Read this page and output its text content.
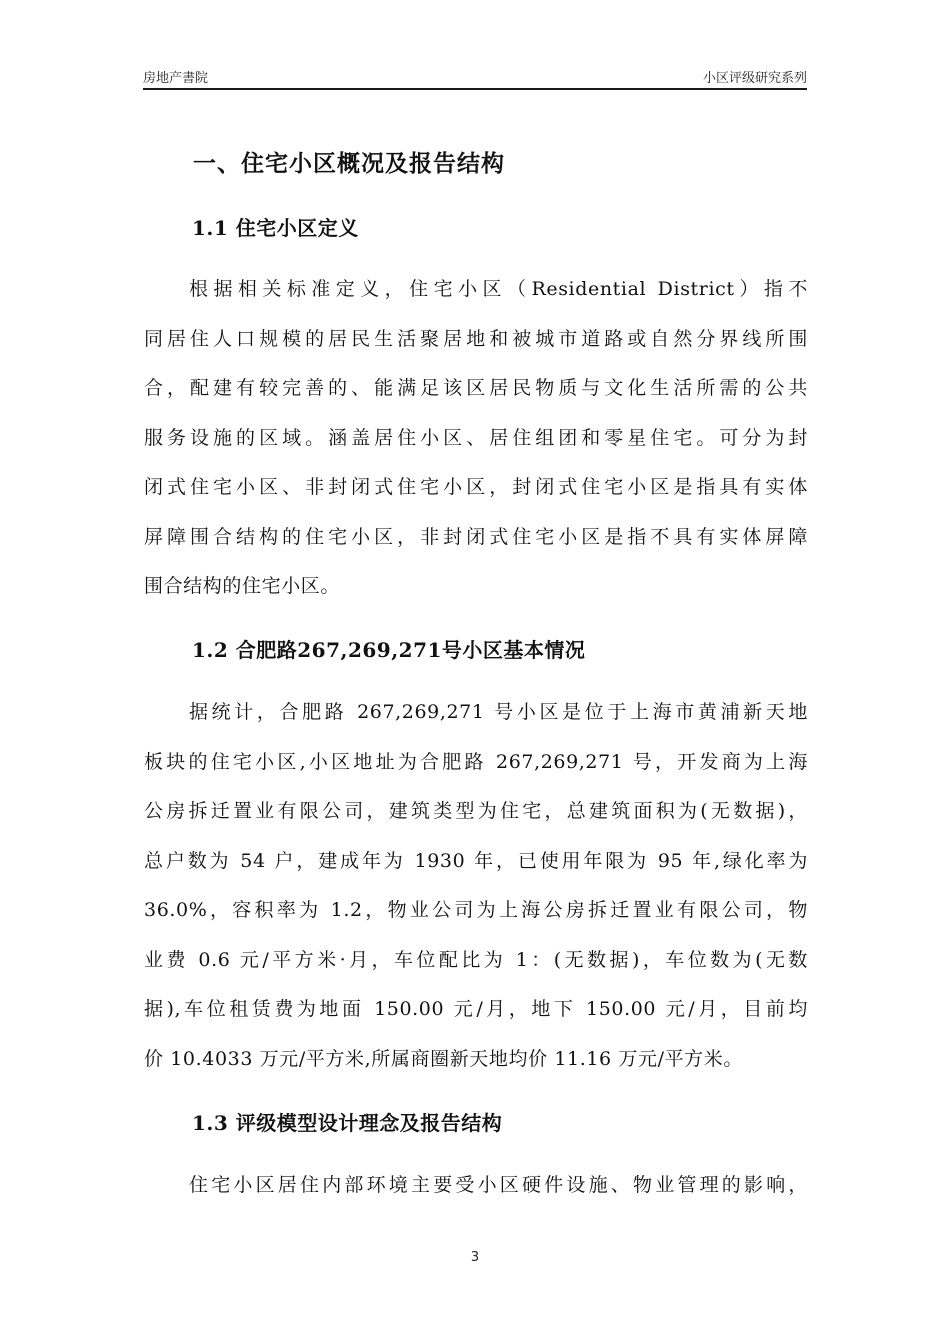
房地产書院	小区评级研究系列
一、住宅小区概况及报告结构
1.1 住宅小区定义
根据相关标准定义，住宅小区（Residential District）指不
同居住人口规模的居民生活聚居地和被城市道路或自然分界线所围
合，配建有较完善的、能满足该区居民物质与文化生活所需的公共
服务设施的区域。涵盖居住小区、居住组团和零星住宅。可分为封
闭式住宅小区、非封闭式住宅小区，封闭式住宅小区是指具有实体
屏障围合结构的住宅小区，非封闭式住宅小区是指不具有实体屏障
围合结构的住宅小区。
1.2 合肥路267,269,271号小区基本情况
据统计，合肥路 267,269,271 号小区是位于上海市黄浦新天地
板块的住宅小区,小区地址为合肥路 267,269,271 号，开发商为上海
公房拆迁置业有限公司，建筑类型为住宅，总建筑面积为(无数据)，
总户数为 54 户，建成年为 1930 年，已使用年限为 95 年,绿化率为
36.0%，容积率为 1.2，物业公司为上海公房拆迁置业有限公司，物
业费 0.6 元/平方米·月，车位配比为 1：(无数据)，车位数为(无数
据),车位租赁费为地面 150.00 元/月，地下 150.00 元/月，目前均
价 10.4033 万元/平方米,所属商圈新天地均价 11.16 万元/平方米。
1.3 评级模型设计理念及报告结构
住宅小区居住内部环境主要受小区硬件设施、物业管理的影响，
3
